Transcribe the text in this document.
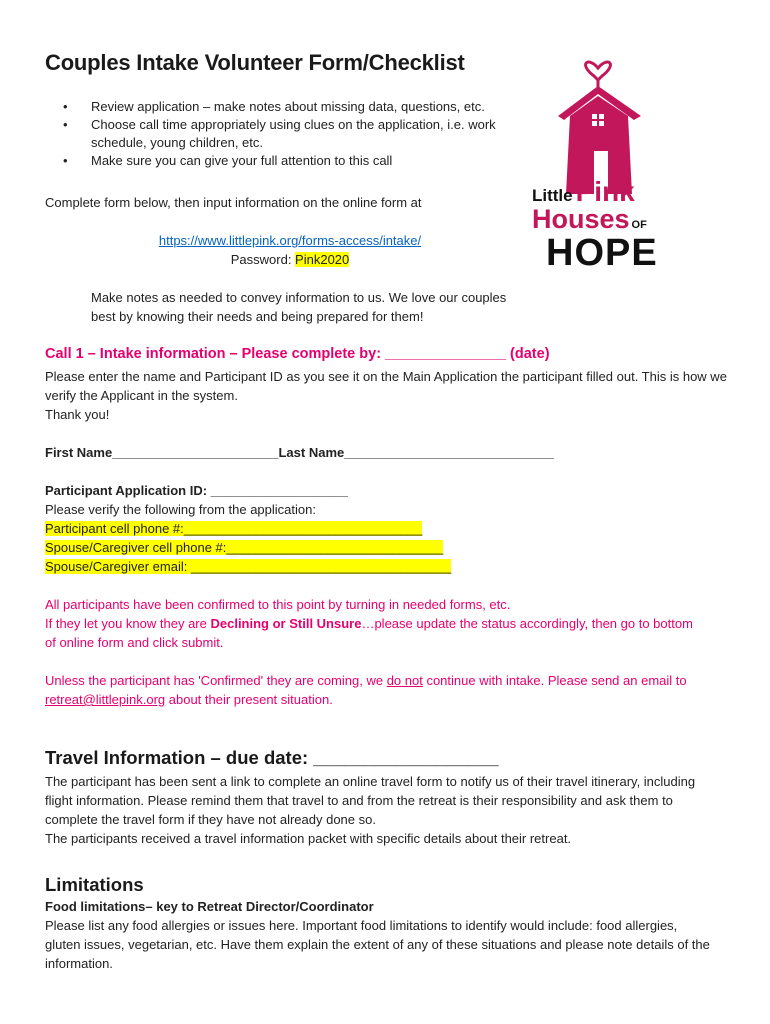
Couples Intake Volunteer Form/Checklist
• Review application – make notes about missing data, questions, etc.
• Choose call time appropriately using clues on the application, i.e. work schedule, young children, etc.
• Make sure you can give your full attention to this call
Little Pink
Houses OF
HOPE
Complete form below, then input information on the online form at
https://www.littlepink.org/forms-access/intake/
Password: Pink2020
Make notes as needed to convey information to us. We love our couples best by knowing their needs and being prepared for them!
Call 1 – Intake information – Please complete by: _______________ (date)
Please enter the name and Participant ID as you see it on the Main Application the participant filled out. This is how we verify the Applicant in the system.
Thank you!
First Name_______________________Last Name_____________________________
Participant Application ID: ___________________
Please verify the following from the application:
Participant cell phone #:_________________________________
Spouse/Caregiver cell phone #:______________________________
Spouse/Caregiver email: ____________________________________
All participants have been confirmed to this point by turning in needed forms, etc.
If they let you know they are Declining or Still Unsure…please update the status accordingly, then go to bottom of online form and click submit.
Unless the participant has 'Confirmed' they are coming, we do not continue with intake. Please send an email to retreat@littlepink.org about their present situation.
Travel Information – due date: __________________
The participant has been sent a link to complete an online travel form to notify us of their travel itinerary, including flight information. Please remind them that travel to and from the retreat is their responsibility and ask them to complete the travel form if they have not already done so.
The participants received a travel information packet with specific details about their retreat.
Limitations
Food limitations– key to Retreat Director/Coordinator
Please list any food allergies or issues here. Important food limitations to identify would include: food allergies, gluten issues, vegetarian, etc. Have them explain the extent of any of these situations and please note details of the information.
